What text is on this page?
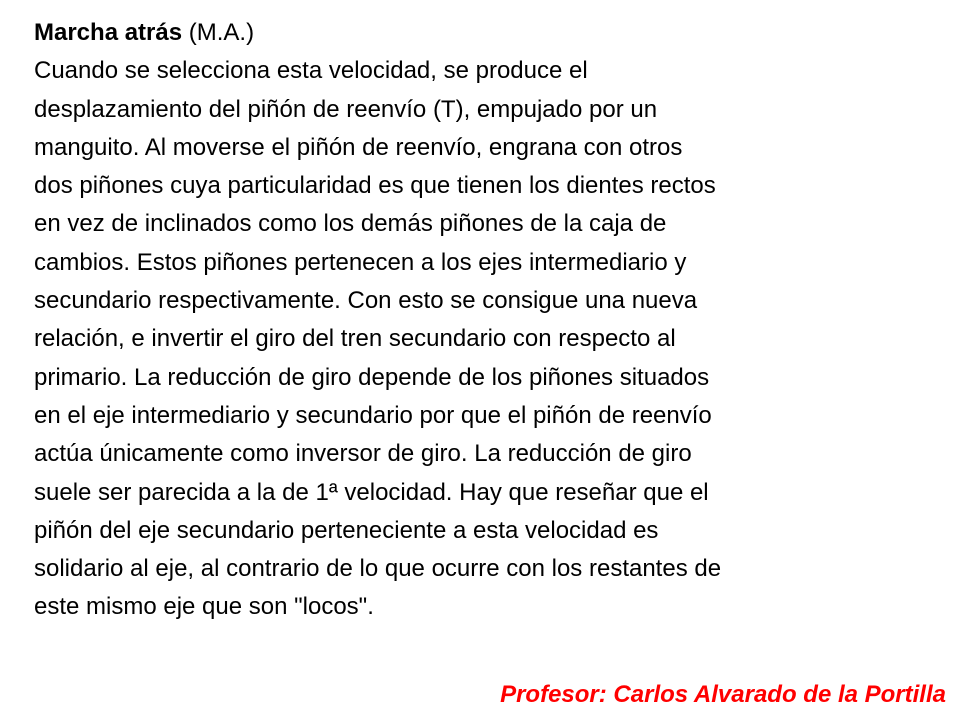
Marcha atrás (M.A.)
Cuando se selecciona esta velocidad, se produce el
desplazamiento del piñón de reenvío (T), empujado por un
manguito. Al moverse el piñón de reenvío, engrana con otros
dos piñones cuya particularidad es que tienen los dientes rectos
en vez de inclinados como los demás piñones de la caja de
cambios. Estos piñones pertenecen a los ejes intermediario y
secundario respectivamente. Con esto se consigue una nueva
relación, e invertir el giro del tren secundario con respecto al
primario. La reducción de giro depende de los piñones situados
en el eje intermediario y secundario por que el piñón de reenvío
actúa únicamente como inversor de giro. La reducción de giro
suele ser parecida a la de 1ª velocidad. Hay que reseñar que el
piñón del eje secundario perteneciente a esta velocidad es
solidario al eje, al contrario de lo que ocurre con los restantes de
este mismo eje que son "locos".
Profesor: Carlos Alvarado de la Portilla
